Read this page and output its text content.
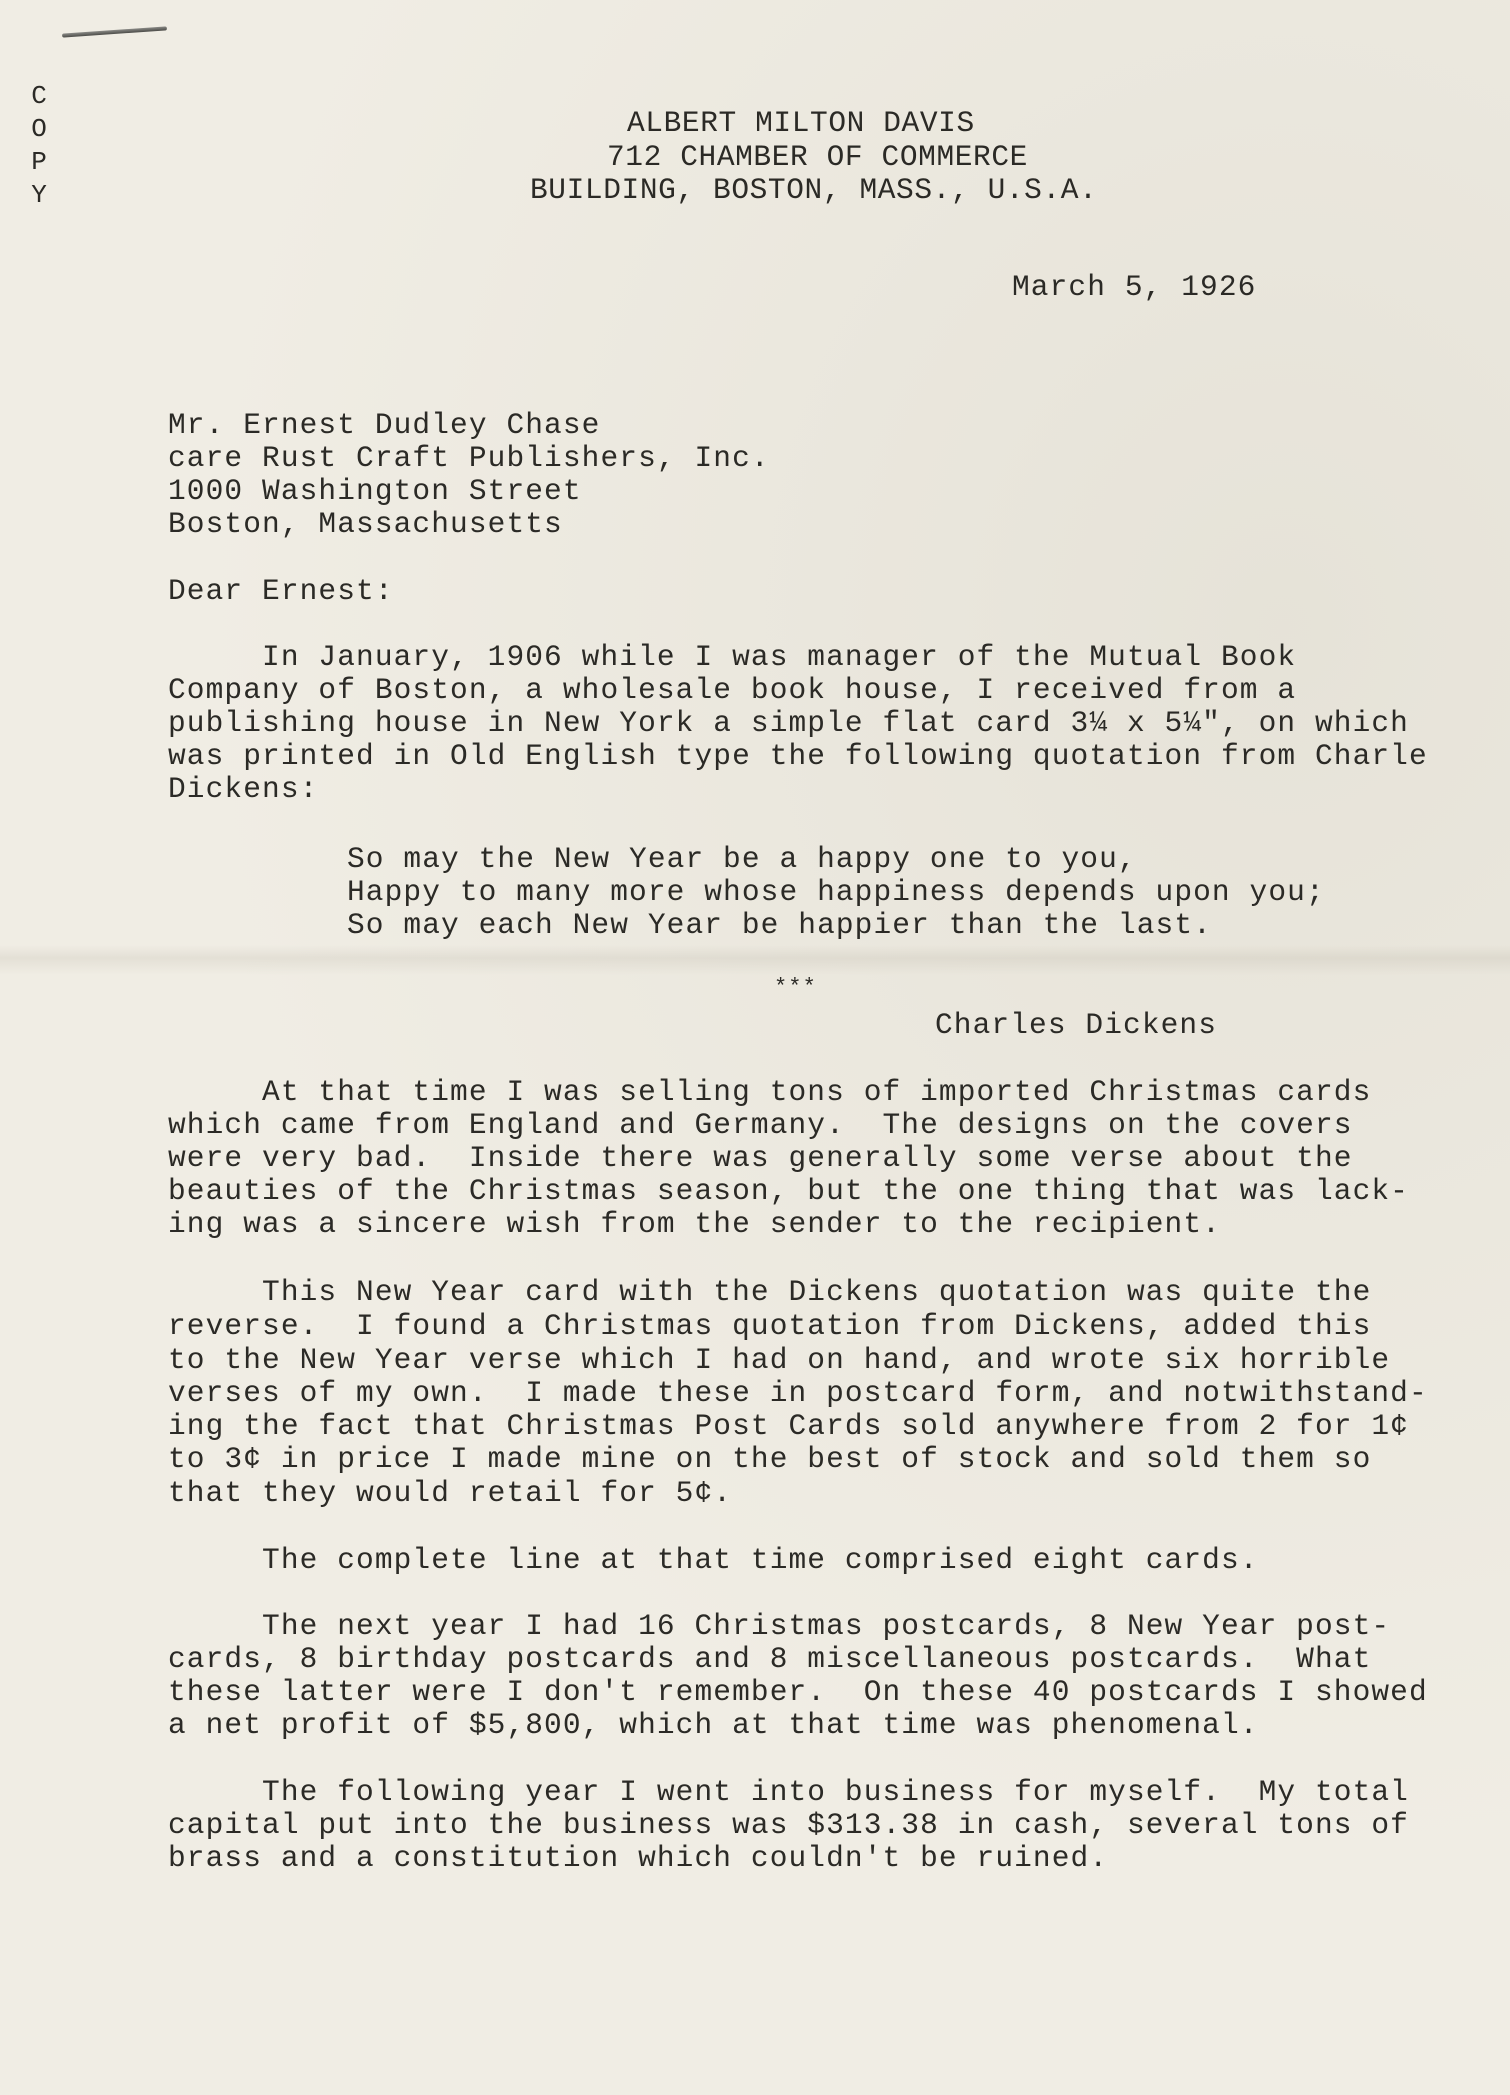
C
O
P
Y
ALBERT MILTON DAVIS
712 CHAMBER OF COMMERCE
BUILDING, BOSTON, MASS., U.S.A.
March 5, 1926
Mr. Ernest Dudley Chase
care Rust Craft Publishers, Inc.
1000 Washington Street
Boston, Massachusetts
Dear Ernest:
In January, 1906 while I was manager of the Mutual Book
Company of Boston, a wholesale book house, I received from a
publishing house in New York a simple flat card 3¼ x 5¼", on which
was printed in Old English type the following quotation from Charle
Dickens:
So may the New Year be a happy one to you,
Happy to many more whose happiness depends upon you;
So may each New Year be happier than the last.
***
Charles Dickens
At that time I was selling tons of imported Christmas cards
which came from England and Germany.  The designs on the covers
were very bad.  Inside there was generally some verse about the
beauties of the Christmas season, but the one thing that was lack-
ing was a sincere wish from the sender to the recipient.
This New Year card with the Dickens quotation was quite the
reverse.  I found a Christmas quotation from Dickens, added this
to the New Year verse which I had on hand, and wrote six horrible
verses of my own.  I made these in postcard form, and notwithstand-
ing the fact that Christmas Post Cards sold anywhere from 2 for 1¢
to 3¢ in price I made mine on the best of stock and sold them so
that they would retail for 5¢.
The complete line at that time comprised eight cards.
The next year I had 16 Christmas postcards, 8 New Year post-
cards, 8 birthday postcards and 8 miscellaneous postcards.  What
these latter were I don't remember.  On these 40 postcards I showed
a net profit of $5,800, which at that time was phenomenal.
The following year I went into business for myself.  My total
capital put into the business was $313.38 in cash, several tons of
brass and a constitution which couldn't be ruined.
